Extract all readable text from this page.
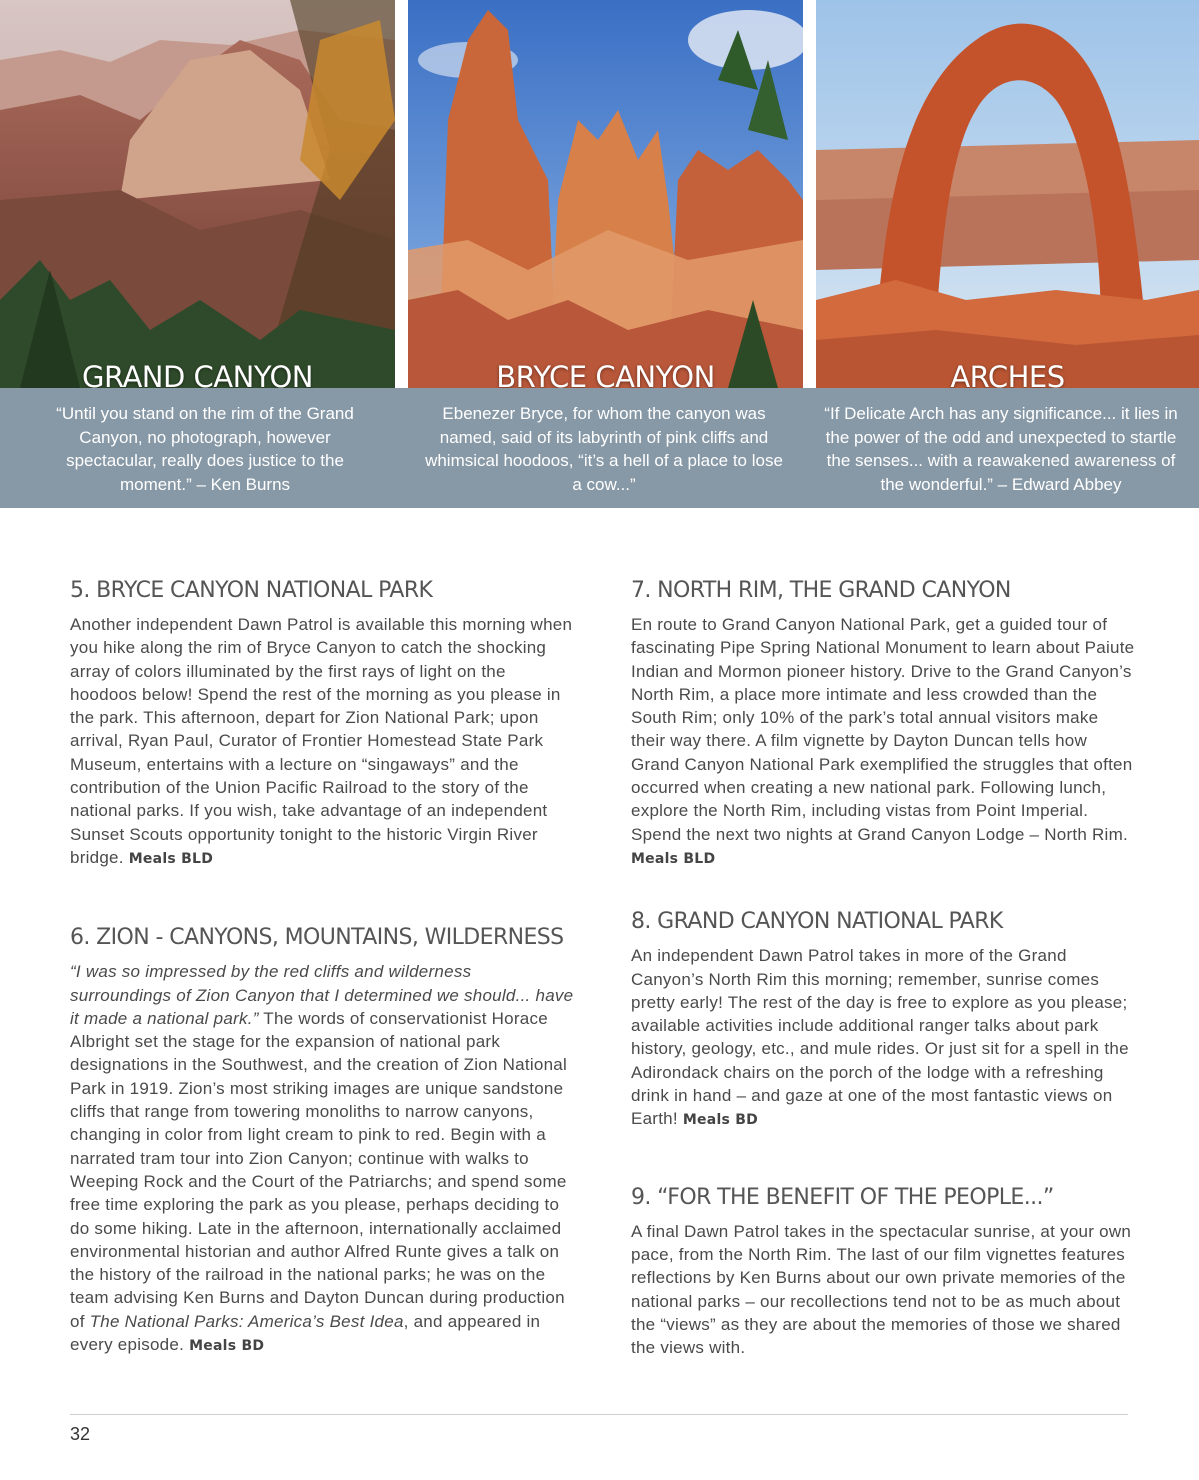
GRAND CANYON	BRYCE CANYON	ARCHES
“Until you stand on the rim of the Grand Canyon, no photograph, however spectacular, really does justice to the moment.” – Ken Burns
Ebenezer Bryce, for whom the canyon was named, said of its labyrinth of pink cliffs and whimsical hoodoos, “it’s a hell of a place to lose a cow...”
“If Delicate Arch has any significance... it lies in the power of the odd and unexpected to startle the senses... with a reawakened awareness of the wonderful.” – Edward Abbey
5. BRYCE CANYON NATIONAL PARK

Another independent Dawn Patrol is available this morning when you hike along the rim of Bryce Canyon to catch the shocking array of colors illuminated by the first rays of light on the hoodoos below! Spend the rest of the morning as you please in the park. This afternoon, depart for Zion National Park; upon arrival, Ryan Paul, Curator of Frontier Homestead State Park Museum, entertains with a lecture on “singaways” and the contribution of the Union Pacific Railroad to the story of the national parks. If you wish, take advantage of an independent Sunset Scouts opportunity tonight to the historic Virgin River bridge. Meals BLD

6. ZION - CANYONS, MOUNTAINS, WILDERNESS

“I was so impressed by the red cliffs and wilderness surroundings of Zion Canyon that I determined we should... have it made a national park.” The words of conservationist Horace Albright set the stage for the expansion of national park designations in the Southwest, and the creation of Zion National Park in 1919. Zion’s most striking images are unique sandstone cliffs that range from towering monoliths to narrow canyons, changing in color from light cream to pink to red. Begin with a narrated tram tour into Zion Canyon; continue with walks to Weeping Rock and the Court of the Patriarchs; and spend some free time exploring the park as you please, perhaps deciding to do some hiking. Late in the afternoon, internationally acclaimed environmental historian and author Alfred Runte gives a talk on the history of the railroad in the national parks; he was on the team advising Ken Burns and Dayton Duncan during production of The National Parks: America’s Best Idea, and appeared in every episode. Meals BD

7. NORTH RIM, THE GRAND CANYON

En route to Grand Canyon National Park, get a guided tour of fascinating Pipe Spring National Monument to learn about Paiute Indian and Mormon pioneer history. Drive to the Grand Canyon’s North Rim, a place more intimate and less crowded than the South Rim; only 10% of the park’s total annual visitors make their way there. A film vignette by Dayton Duncan tells how Grand Canyon National Park exemplified the struggles that often occurred when creating a new national park. Following lunch, explore the North Rim, including vistas from Point Imperial. Spend the next two nights at Grand Canyon Lodge – North Rim. Meals BLD

8. GRAND CANYON NATIONAL PARK

An independent Dawn Patrol takes in more of the Grand Canyon’s North Rim this morning; remember, sunrise comes pretty early! The rest of the day is free to explore as you please; available activities include additional ranger talks about park history, geology, etc., and mule rides. Or just sit for a spell in the Adirondack chairs on the porch of the lodge with a refreshing drink in hand – and gaze at one of the most fantastic views on Earth! Meals BD

9. “FOR THE BENEFIT OF THE PEOPLE...”

A final Dawn Patrol takes in the spectacular sunrise, at your own pace, from the North Rim. The last of our film vignettes features reflections by Ken Burns about our own private memories of the national parks – our recollections tend not to be as much about the “views” as they are about the memories of those we shared the views with.

32
